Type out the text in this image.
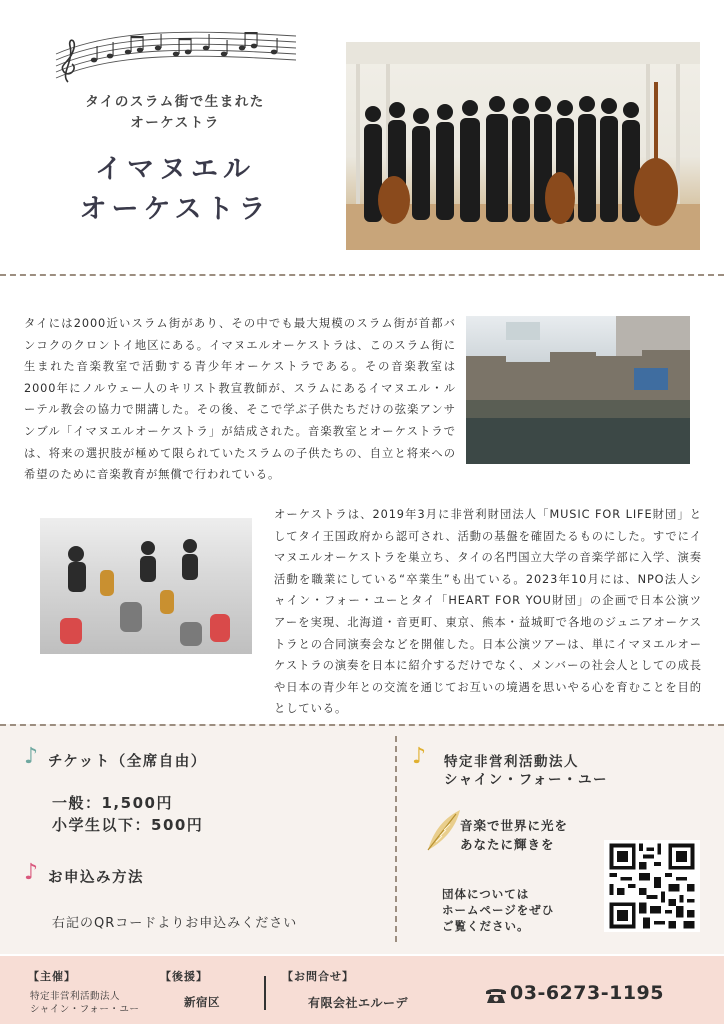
タイのスラム街で生まれた
オーケストラ
イマヌエル
オーケストラ

タイには2000近いスラム街があり、その中でも最大規模のスラム街が首都バンコクのクロントイ地区にある。イマヌエルオーケストラは、このスラム街に生まれた音楽教室で活動する青少年オーケストラである。その音楽教室は2000年にノルウェー人のキリスト教宣教師が、スラムにあるイマヌエル・ルーテル教会の協力で開講した。その後、そこで学ぶ子供たちだけの弦楽アンサンブル「イマヌエルオーケストラ」が結成された。音楽教室とオーケストラでは、将来の選択肢が極めて限られていたスラムの子供たちの、自立と将来への希望のために音楽教育が無償で行われている。

オーケストラは、2019年3月に非営利財団法人「MUSIC FOR LIFE財団」としてタイ王国政府から認可され、活動の基盤を確固たるものにした。すでにイマヌエルオーケストラを巣立ち、タイの名門国立大学の音楽学部に入学、演奏活動を職業にしている“卒業生”も出ている。2023年10月には、NPO法人シャイン・フォー・ユーとタイ「HEART FOR YOU財団」の企画で日本公演ツアーを実現、北海道・音更町、東京、熊本・益城町で各地のジュニアオーケストラとの合同演奏会などを開催した。日本公演ツアーは、単にイマヌエルオーケストラの演奏を日本に紹介するだけでなく、メンバーの社会人としての成長や日本の青少年との交流を通じてお互いの境遇を思いやる心を育むことを目的としている。

♪ チケット（全席自由）
一般：1,500円
小学生以下：500円
♪ お申込み方法
右記のQRコードよりお申込みください
♪ 特定非営利活動法人
シャイン・フォー・ユー
音楽で世界に光を
あなたに輝きを
団体については
ホームページをぜひ
ご覧ください。
【主催】
特定非営利活動法人
シャイン・フォー・ユー
【後援】
新宿区
【お問合せ】
有限会社エルーデ	03-6273-1195
